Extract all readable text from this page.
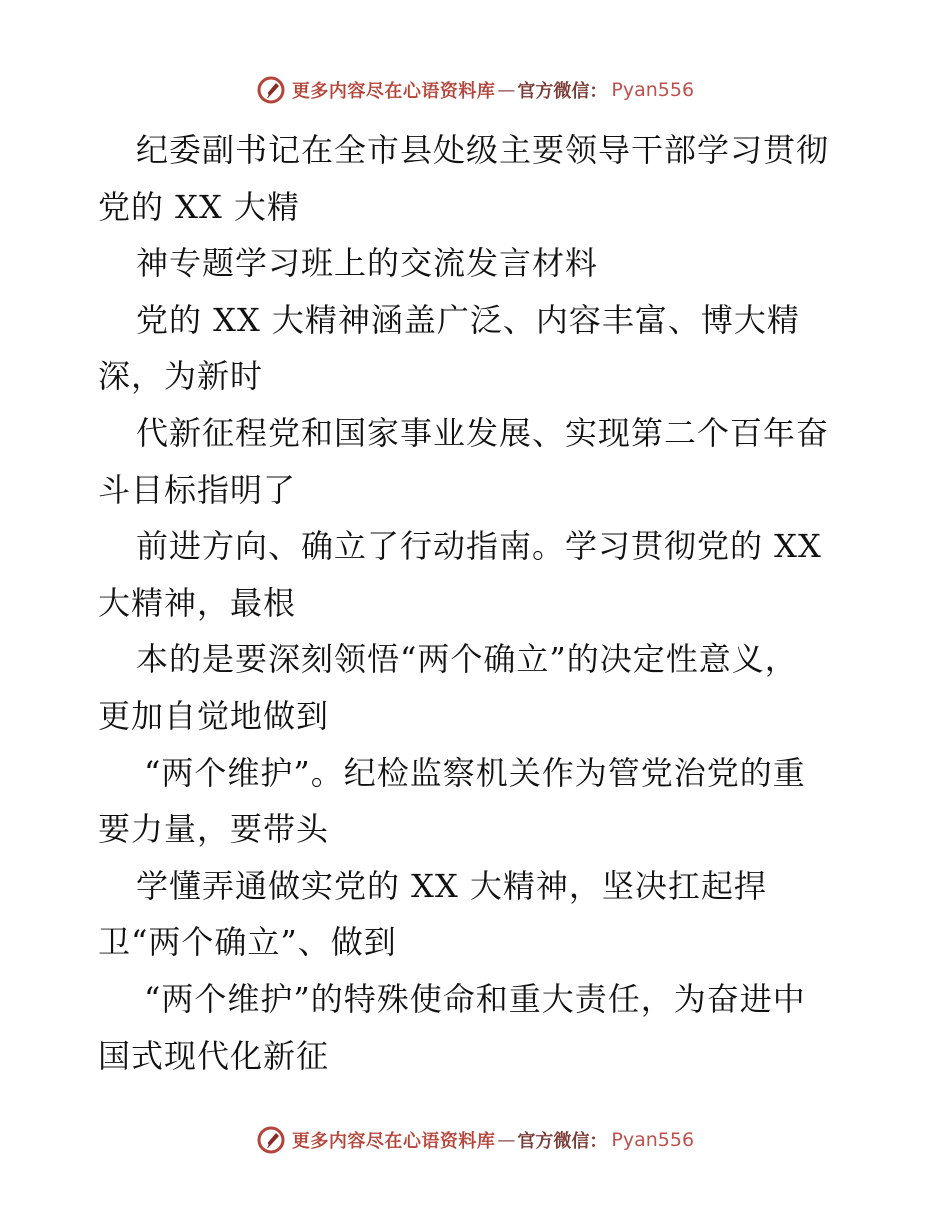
更多内容尽在心语资料库 — 官方微信： Pyan556
纪委副书记在全市县处级主要领导干部学习贯彻
党的 XX 大精
神专题学习班上的交流发言材料
党的 XX 大精神涵盖广泛、内容丰富、博大精
深，为新时
代新征程党和国家事业发展、实现第二个百年奋
斗目标指明了
前进方向、确立了行动指南。学习贯彻党的 XX
大精神，最根
本的是要深刻领悟“两个确立”的决定性意义，
更加自觉地做到
“两个维护”。纪检监察机关作为管党治党的重
要力量，要带头
学懂弄通做实党的 XX 大精神，坚决扛起捍
卫“两个确立”、做到
“两个维护”的特殊使命和重大责任，为奋进中
国式现代化新征
更多内容尽在心语资料库 — 官方微信： Pyan556
